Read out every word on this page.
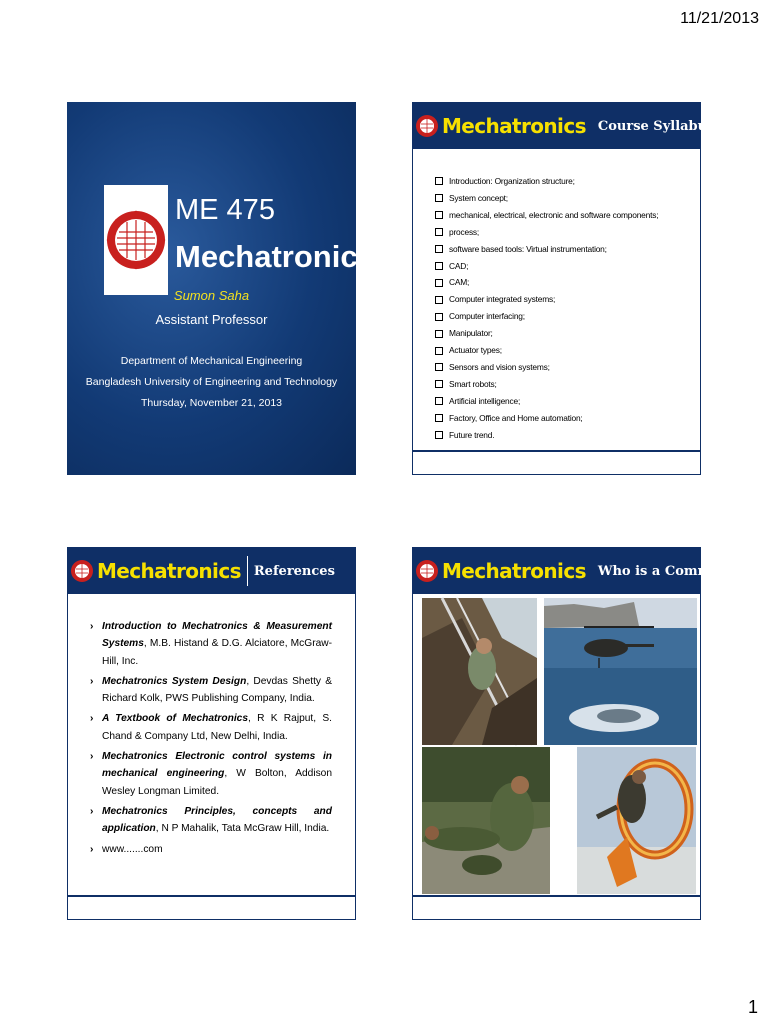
11/21/2013
ME 475
Mechatronics
Sumon Saha
Assistant Professor
Department of Mechanical Engineering
Bangladesh University of Engineering and Technology
Thursday, November 21, 2013
Mechatronics Course Syllabus
Introduction: Organization structure;
System concept;
mechanical, electrical, electronic and software components;
process;
software based tools: Virtual instrumentation;
CAD;
CAM;
Computer integrated systems;
Computer interfacing;
Manipulator;
Actuator types;
Sensors and vision systems;
Smart robots;
Artificial intelligence;
Factory, Office and Home automation;
Future trend.
Mechatronics References
› Introduction to Mechatronics & Measurement Systems, M.B. Histand & D.G. Alciatore, McGraw-Hill, Inc.
› Mechatronics System Design, Devdas Shetty & Richard Kolk, PWS Publishing Company, India.
› A Textbook of Mechatronics, R K Rajput, S. Chand & Company Ltd, New Delhi, India.
› Mechatronics Electronic control systems in mechanical engineering, W Bolton, Addison Wesley Longman Limited.
› Mechatronics Principles, concepts and application, N P Mahalik, Tata McGraw Hill, India.
› www.......com
Mechatronics Who is a Commando?
1
